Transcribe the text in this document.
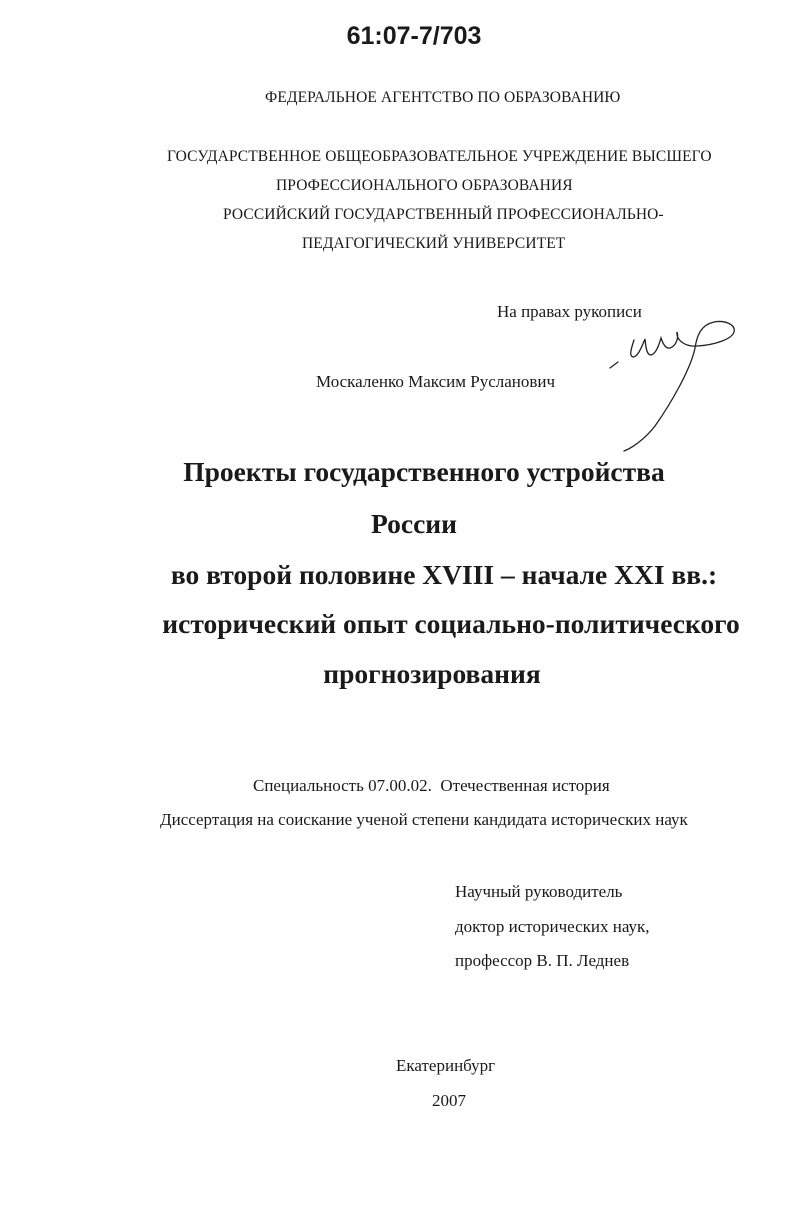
61:07-7/703
ФЕДЕРАЛЬНОЕ АГЕНТСТВО ПО ОБРАЗОВАНИЮ
ГОСУДАРСТВЕННОЕ ОБЩЕОБРАЗОВАТЕЛЬНОЕ УЧРЕЖДЕНИЕ ВЫСШЕГО
ПРОФЕССИОНАЛЬНОГО ОБРАЗОВАНИЯ
РОССИЙСКИЙ ГОСУДАРСТВЕННЫЙ ПРОФЕССИОНАЛЬНО-
ПЕДАГОГИЧЕСКИЙ УНИВЕРСИТЕТ
На правах рукописи
Москаленко Максим Русланович
Проекты государственного устройства
России
во второй половине XVIII – начале XXI вв.:
исторический опыт социально-политического
прогнозирования
Специальность 07.00.02.  Отечественная история
Диссертация на соискание ученой степени кандидата исторических наук
Научный руководитель
доктор исторических наук,
профессор В. П. Леднев
Екатеринбург
2007
